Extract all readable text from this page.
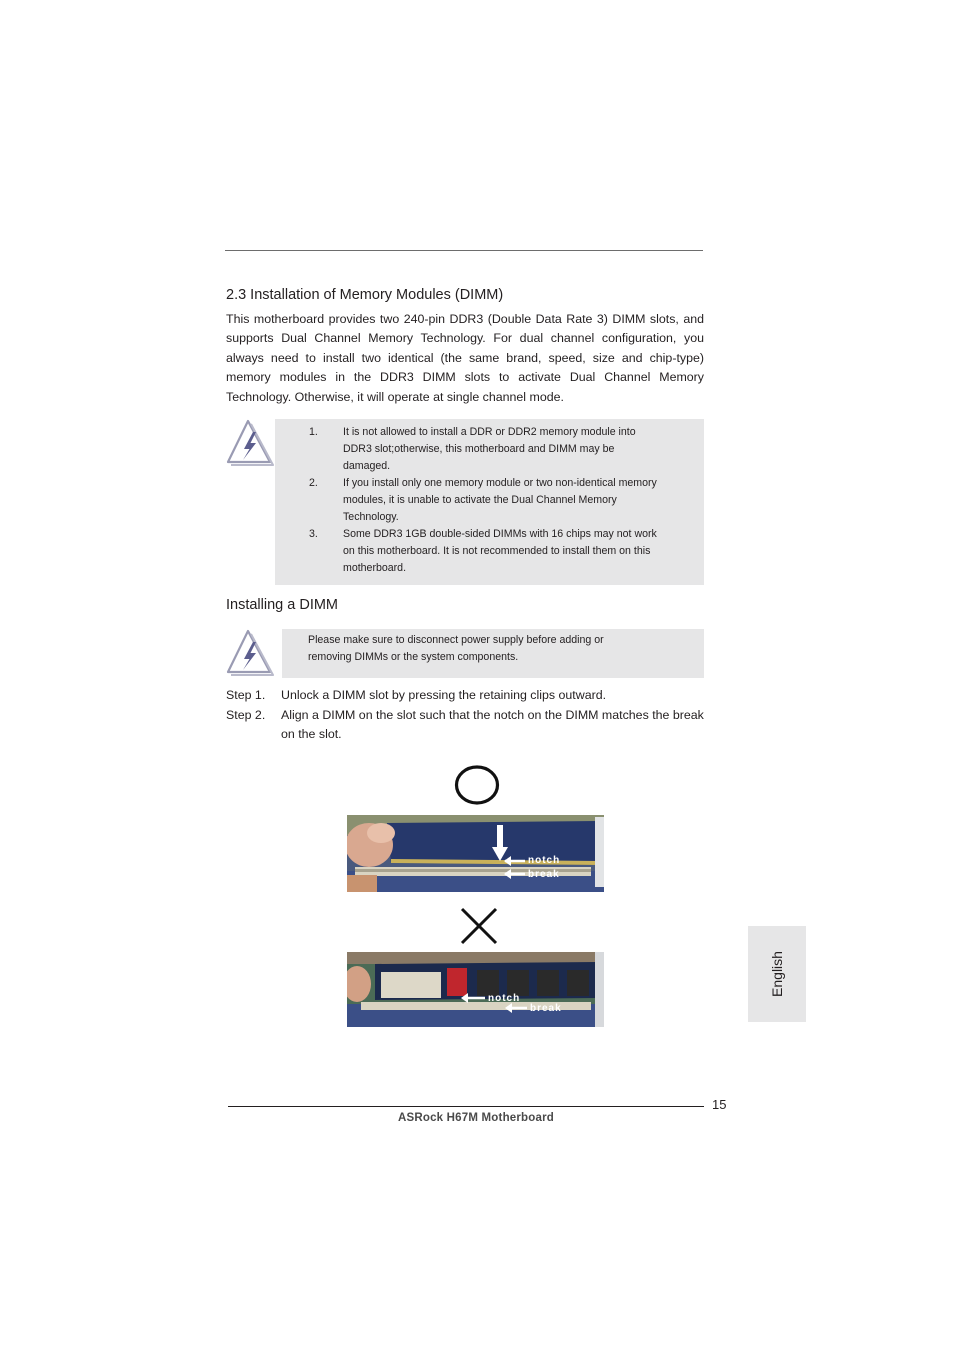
2.3 Installation of Memory Modules (DIMM)
This motherboard provides two 240-pin DDR3 (Double Data Rate 3) DIMM slots, and supports Dual Channel Memory Technology. For dual channel configuration, you always need to install two identical (the same brand, speed, size and chip-type) memory modules in the DDR3 DIMM slots to activate Dual Channel Memory Technology. Otherwise, it will operate at single channel mode.
1.	It is not allowed to install a DDR or DDR2 memory module into DDR3 slot;otherwise, this motherboard and DIMM may be damaged.
2.	If you install only one memory module or two non-identical memory modules, it is unable to activate the Dual Channel Memory Technology.
3.	Some DDR3 1GB double-sided DIMMs with 16 chips may not work on this motherboard. It is not recommended to install them on this motherboard.
Installing a DIMM
Please make sure to disconnect power supply before adding or removing DIMMs or the system components.
Step 1.	Unlock a DIMM slot by pressing the retaining clips outward.
Step 2.	Align a DIMM on the slot such that the notch on the DIMM matches the break on the slot.
notch
break
notch
break
English
15
ASRock H67M Motherboard
